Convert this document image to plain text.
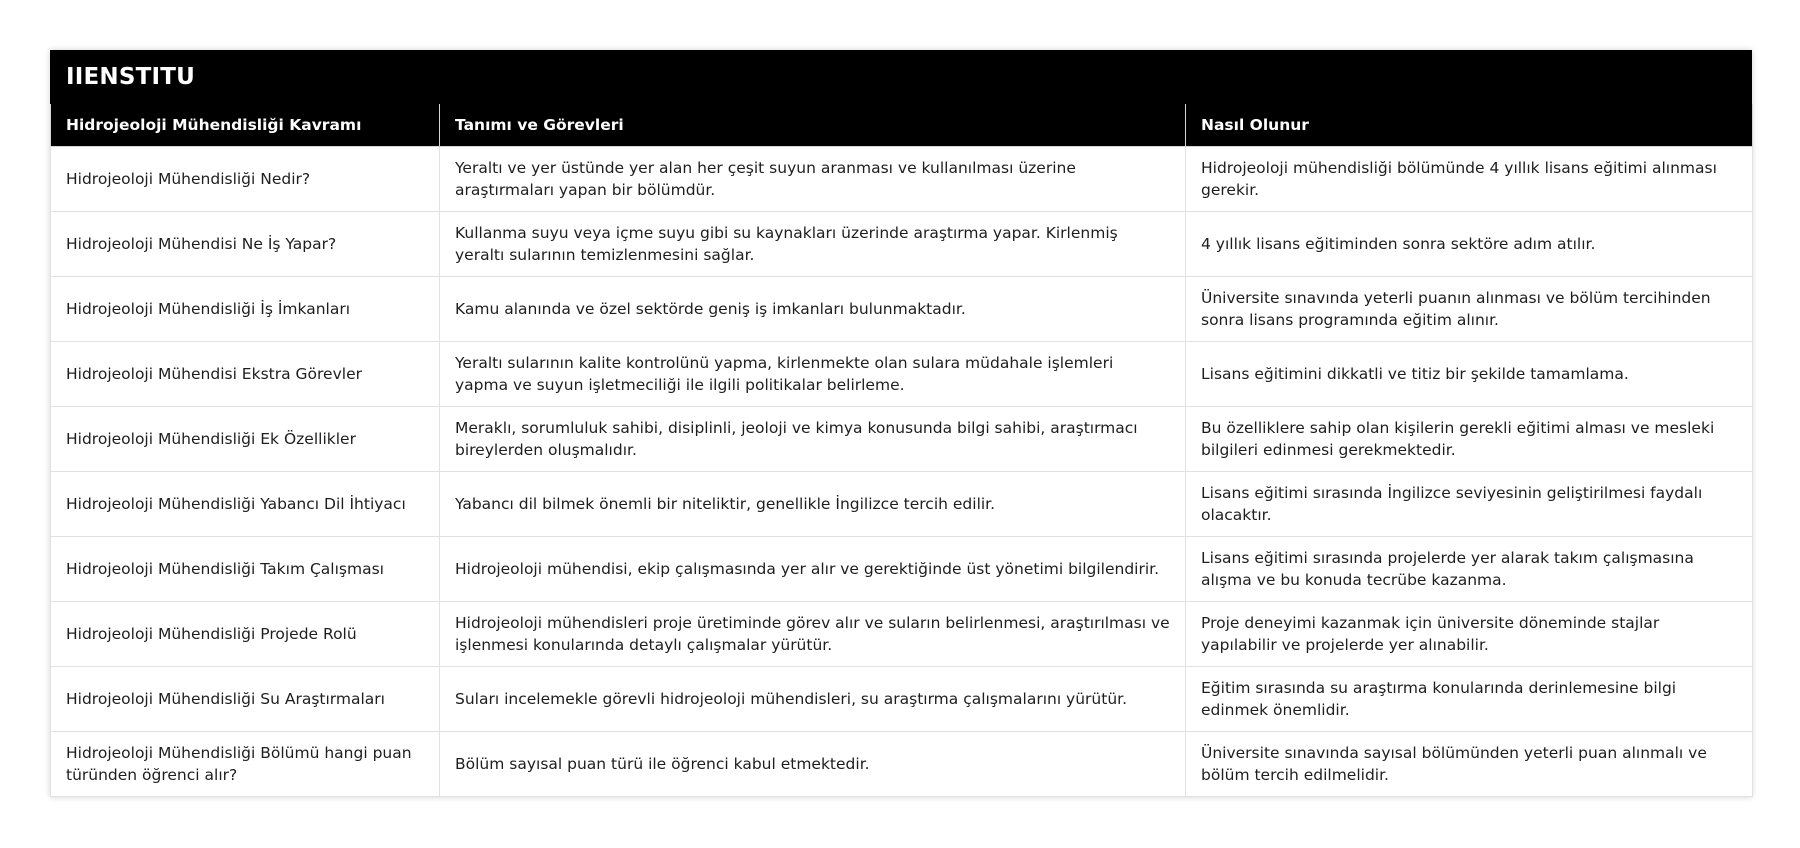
IIENSTITU
Hidrojeoloji Mühendisliği Kavramı	Tanımı ve Görevleri	Nasıl Olunur
Hidrojeoloji Mühendisliği Nedir?	Yeraltı ve yer üstünde yer alan her çeşit suyun aranması ve kullanılması üzerine araştırmaları yapan bir bölümdür.	Hidrojeoloji mühendisliği bölümünde 4 yıllık lisans eğitimi alınması gerekir.
Hidrojeoloji Mühendisi Ne İş Yapar?	Kullanma suyu veya içme suyu gibi su kaynakları üzerinde araştırma yapar. Kirlenmiş yeraltı sularının temizlenmesini sağlar.	4 yıllık lisans eğitiminden sonra sektöre adım atılır.
Hidrojeoloji Mühendisliği İş İmkanları	Kamu alanında ve özel sektörde geniş iş imkanları bulunmaktadır.	Üniversite sınavında yeterli puanın alınması ve bölüm tercihinden sonra lisans programında eğitim alınır.
Hidrojeoloji Mühendisi Ekstra Görevler	Yeraltı sularının kalite kontrolünü yapma, kirlenmekte olan sulara müdahale işlemleri yapma ve suyun işletmeciliği ile ilgili politikalar belirleme.	Lisans eğitimini dikkatli ve titiz bir şekilde tamamlama.
Hidrojeoloji Mühendisliği Ek Özellikler	Meraklı, sorumluluk sahibi, disiplinli, jeoloji ve kimya konusunda bilgi sahibi, araştırmacı bireylerden oluşmalıdır.	Bu özelliklere sahip olan kişilerin gerekli eğitimi alması ve mesleki bilgileri edinmesi gerekmektedir.
Hidrojeoloji Mühendisliği Yabancı Dil İhtiyacı	Yabancı dil bilmek önemli bir niteliktir, genellikle İngilizce tercih edilir.	Lisans eğitimi sırasında İngilizce seviyesinin geliştirilmesi faydalı olacaktır.
Hidrojeoloji Mühendisliği Takım Çalışması	Hidrojeoloji mühendisi, ekip çalışmasında yer alır ve gerektiğinde üst yönetimi bilgilendirir.	Lisans eğitimi sırasında projelerde yer alarak takım çalışmasına alışma ve bu konuda tecrübe kazanma.
Hidrojeoloji Mühendisliği Projede Rolü	Hidrojeoloji mühendisleri proje üretiminde görev alır ve suların belirlenmesi, araştırılması ve işlenmesi konularında detaylı çalışmalar yürütür.	Proje deneyimi kazanmak için üniversite döneminde stajlar yapılabilir ve projelerde yer alınabilir.
Hidrojeoloji Mühendisliği Su Araştırmaları	Suları incelemekle görevli hidrojeoloji mühendisleri, su araştırma çalışmalarını yürütür.	Eğitim sırasında su araştırma konularında derinlemesine bilgi edinmek önemlidir.
Hidrojeoloji Mühendisliği Bölümü hangi puan türünden öğrenci alır?	Bölüm sayısal puan türü ile öğrenci kabul etmektedir.	Üniversite sınavında sayısal bölümünden yeterli puan alınmalı ve bölüm tercih edilmelidir.
